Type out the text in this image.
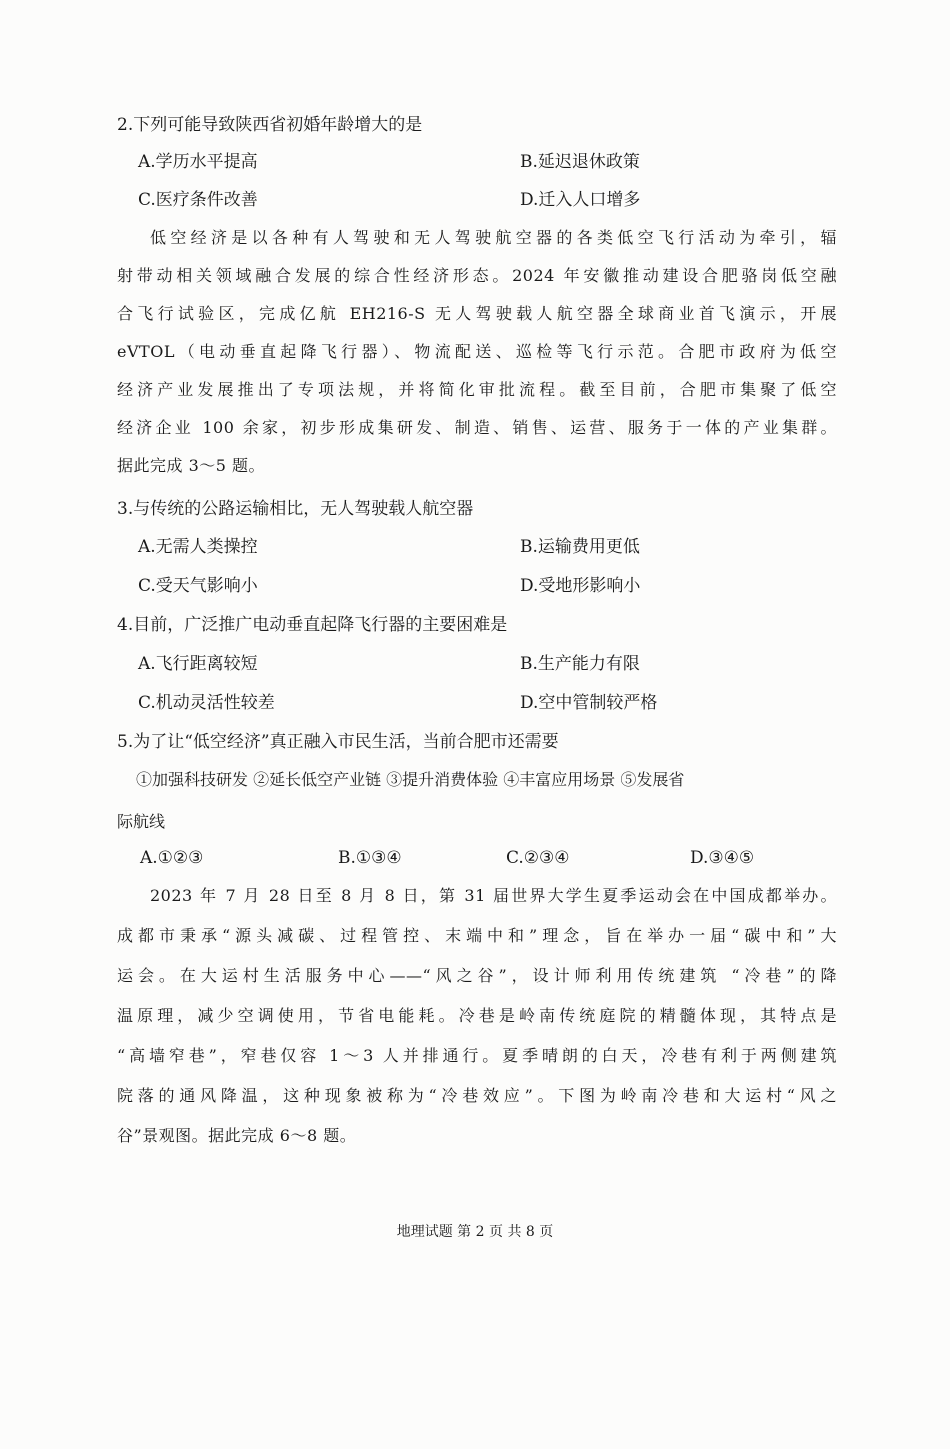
2.下列可能导致陕西省初婚年龄增大的是
A.学历水平提高	B.延迟退休政策
C.医疗条件改善	D.迁入人口增多
低空经济是以各种有人驾驶和无人驾驶航空器的各类低空飞行活动为牵引，辐
射带动相关领域融合发展的综合性经济形态。2024 年安徽推动建设合肥骆岗低空融
合飞行试验区，完成亿航 EH216-S 无人驾驶载人航空器全球商业首飞演示，开展
eVTOL（电动垂直起降飞行器）、物流配送、巡检等飞行示范。合肥市政府为低空
经济产业发展推出了专项法规，并将简化审批流程。截至目前，合肥市集聚了低空
经济企业 100 余家，初步形成集研发、制造、销售、运营、服务于一体的产业集群。
据此完成 3～5 题。
3.与传统的公路运输相比，无人驾驶载人航空器
A.无需人类操控	B.运输费用更低
C.受天气影响小	D.受地形影响小
4.目前，广泛推广电动垂直起降飞行器的主要困难是
A.飞行距离较短	B.生产能力有限
C.机动灵活性较差	D.空中管制较严格
5.为了让“低空经济”真正融入市民生活，当前合肥市还需要
①加强科技研发 ②延长低空产业链 ③提升消费体验 ④丰富应用场景 ⑤发展省
际航线
A.①②③	B.①③④	C.②③④	D.③④⑤
2023 年 7 月 28 日至 8 月 8 日，第 31 届世界大学生夏季运动会在中国成都举办。
成都市秉承“源头减碳、过程管控、末端中和”理念，旨在举办一届“碳中和”大
运会。在大运村生活服务中心——“风之谷”，设计师利用传统建筑 “冷巷”的降
温原理，减少空调使用，节省电能耗。冷巷是岭南传统庭院的精髓体现，其特点是
“高墙窄巷”，窄巷仅容 1～3 人并排通行。夏季晴朗的白天，冷巷有利于两侧建筑
院落的通风降温，这种现象被称为“冷巷效应”。下图为岭南冷巷和大运村“风之
谷”景观图。据此完成 6～8 题。
地理试题 第 2 页 共 8 页
